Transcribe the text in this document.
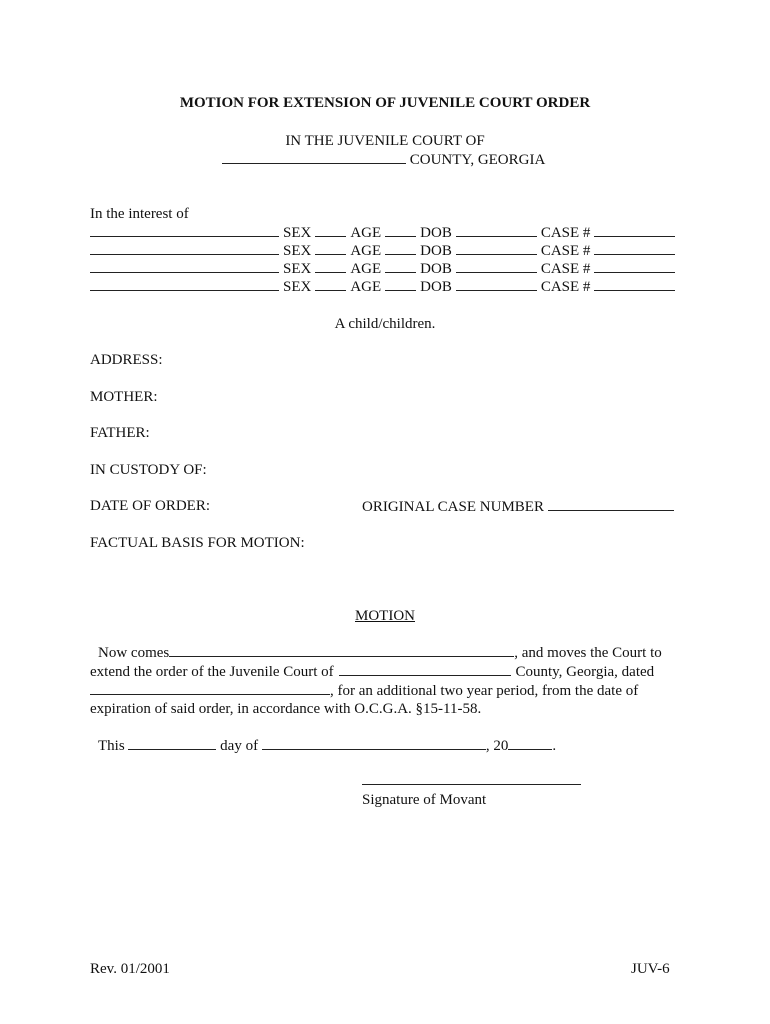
MOTION FOR EXTENSION OF JUVENILE COURT ORDER
IN THE JUVENILE COURT OF
COUNTY, GEORGIA
In the interest of
SEX	AGE	DOB	CASE #
SEX	AGE	DOB	CASE #
SEX	AGE	DOB	CASE #
SEX	AGE	DOB	CASE #
A child/children.
ADDRESS:
MOTHER:
FATHER:
IN CUSTODY OF:
DATE OF ORDER:	ORIGINAL CASE NUMBER
FACTUAL BASIS FOR MOTION:
MOTION
Now comes	, and moves the Court to
extend the order of the Juvenile Court of	County, Georgia, dated
, for an additional two year period, from the date of
expiration of said order, in accordance with O.C.G.A. §15-11-58.
This	day of	, 20	.
Signature of Movant
Rev. 01/2001	JUV-6
